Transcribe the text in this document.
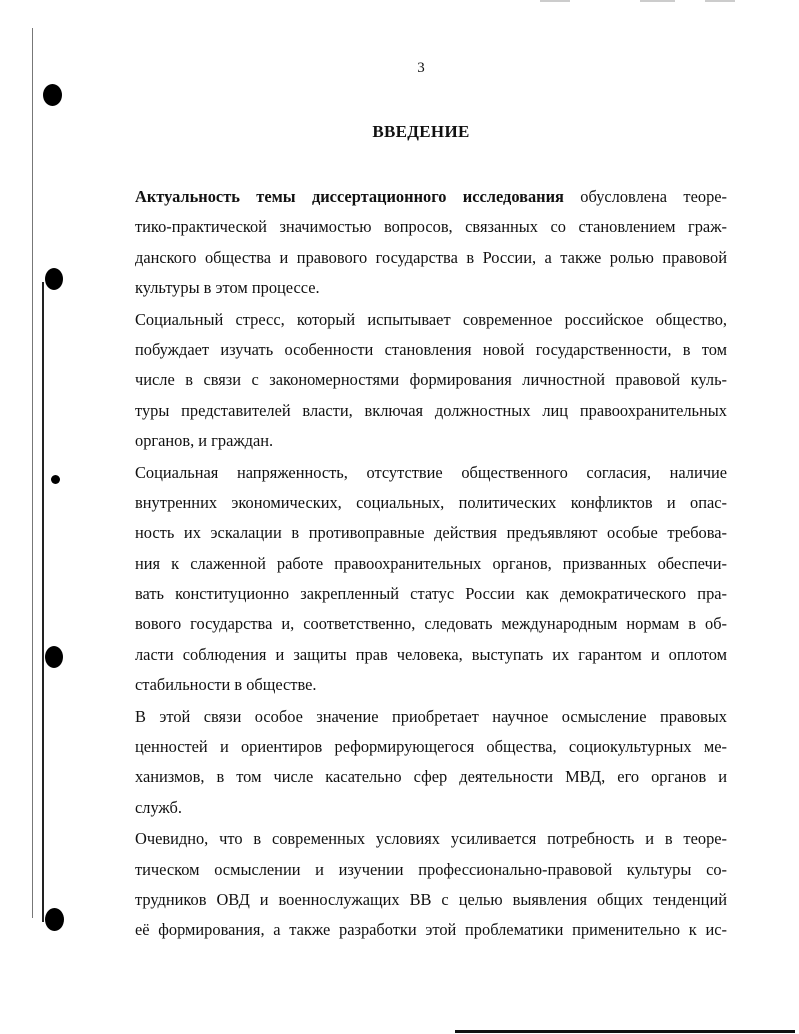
3
ВВЕДЕНИЕ
Актуальность темы диссертационного исследования обусловлена теоре-
тико-практической значимостью вопросов, связанных со становлением граж-
данского общества и правового государства в России, а также ролью правовой
культуры в этом процессе.
Социальный стресс, который испытывает современное российское общество,
побуждает изучать особенности становления новой государственности, в том
числе в связи с закономерностями формирования личностной правовой куль-
туры представителей власти, включая должностных лиц правоохранительных
органов, и граждан.
Социальная напряженность, отсутствие общественного согласия, наличие
внутренних экономических, социальных, политических конфликтов и опас-
ность их эскалации в противоправные действия предъявляют особые требова-
ния к слаженной работе правоохранительных органов, призванных обеспечи-
вать конституционно закрепленный статус России как демократического пра-
вового государства и, соответственно, следовать международным нормам в об-
ласти соблюдения и защиты прав человека, выступать их гарантом и оплотом
стабильности в обществе.
В этой связи особое значение приобретает научное осмысление правовых
ценностей и ориентиров реформирующегося общества, социокультурных ме-
ханизмов, в том числе касательно сфер деятельности МВД, его органов и
служб.
Очевидно, что в современных условиях усиливается потребность и в теоре-
тическом осмыслении и изучении профессионально-правовой культуры со-
трудников ОВД и военнослужащих ВВ с целью выявления общих тенденций
её формирования, а также разработки этой проблематики применительно к ис-
